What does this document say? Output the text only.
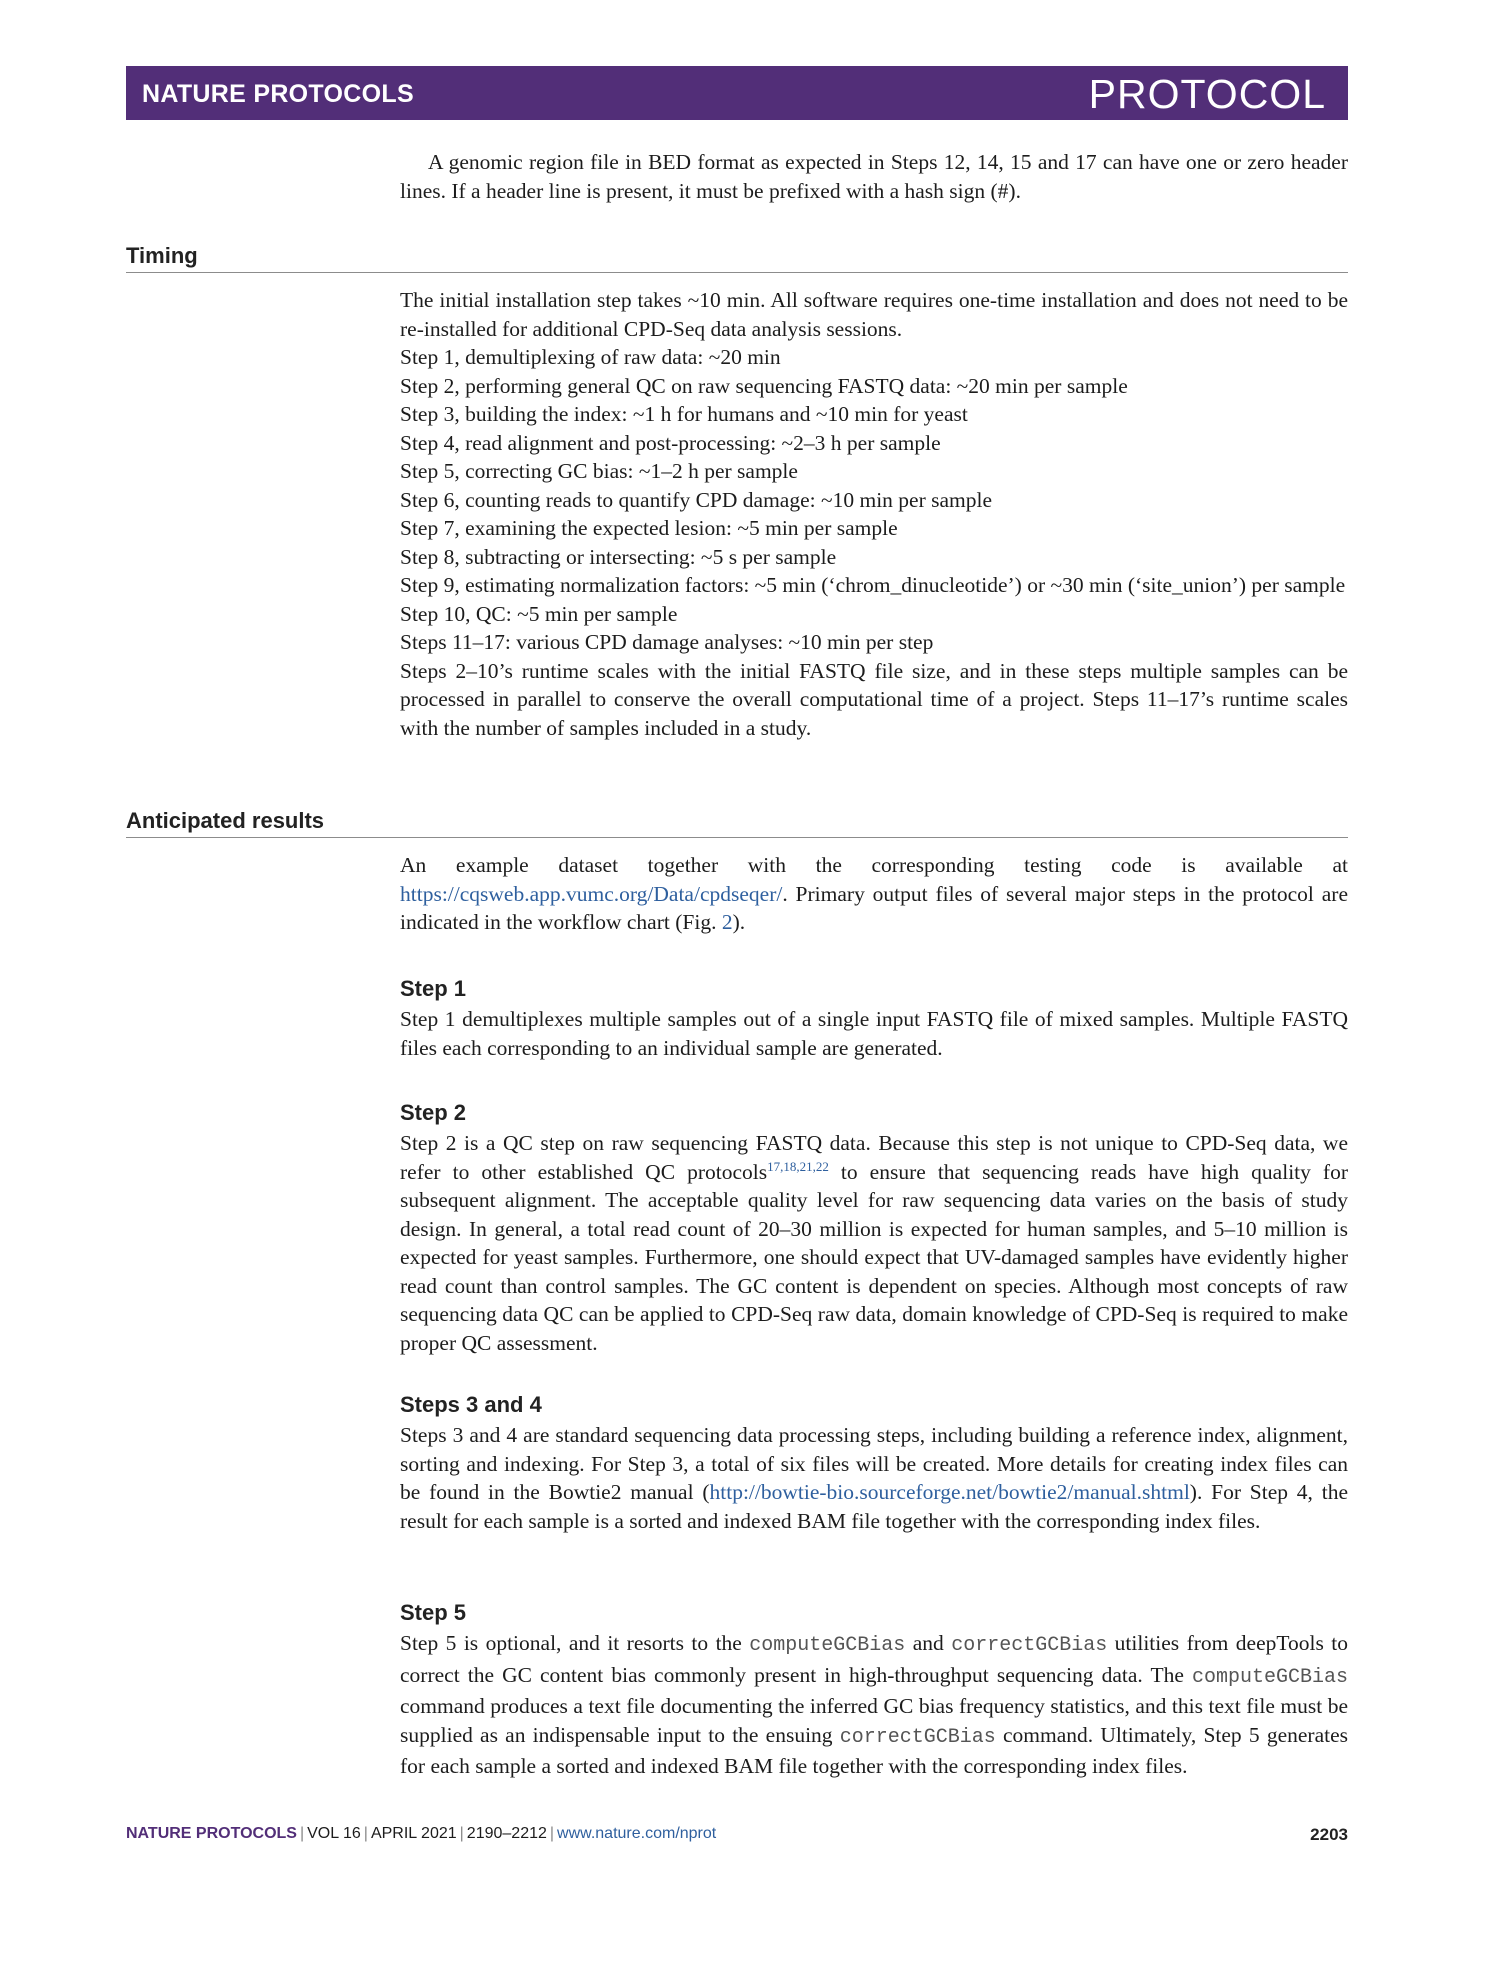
NATURE PROTOCOLS	PROTOCOL

A genomic region file in BED format as expected in Steps 12, 14, 15 and 17 can have one or zero header lines. If a header line is present, it must be prefixed with a hash sign (#).

Timing

The initial installation step takes ~10 min. All software requires one-time installation and does not need to be re-installed for additional CPD-Seq data analysis sessions.

Step 1, demultiplexing of raw data: ~20 min

Step 2, performing general QC on raw sequencing FASTQ data: ~20 min per sample

Step 3, building the index: ~1 h for humans and ~10 min for yeast

Step 4, read alignment and post-processing: ~2–3 h per sample

Step 5, correcting GC bias: ~1–2 h per sample

Step 6, counting reads to quantify CPD damage: ~10 min per sample

Step 7, examining the expected lesion: ~5 min per sample

Step 8, subtracting or intersecting: ~5 s per sample

Step 9, estimating normalization factors: ~5 min (‘chrom_dinucleotide’) or ~30 min (‘site_union’) per sample

Step 10, QC: ~5 min per sample

Steps 11–17: various CPD damage analyses: ~10 min per step

Steps 2–10’s runtime scales with the initial FASTQ file size, and in these steps multiple samples can be processed in parallel to conserve the overall computational time of a project. Steps 11–17’s runtime scales with the number of samples included in a study.

Anticipated results

An example dataset together with the corresponding testing code is available at https://cqsweb.app.vumc.org/Data/cpdseqer/. Primary output files of several major steps in the protocol are indicated in the workflow chart (Fig. 2).

Step 1

Step 1 demultiplexes multiple samples out of a single input FASTQ file of mixed samples. Multiple FASTQ files each corresponding to an individual sample are generated.

Step 2

Step 2 is a QC step on raw sequencing FASTQ data. Because this step is not unique to CPD-Seq data, we refer to other established QC protocols$^{17,18,21,22}$ to ensure that sequencing reads have high quality for subsequent alignment. The acceptable quality level for raw sequencing data varies on the basis of study design. In general, a total read count of 20–30 million is expected for human samples, and 5–10 million is expected for yeast samples. Furthermore, one should expect that UV-damaged samples have evidently higher read count than control samples. The GC content is dependent on species. Although most concepts of raw sequencing data QC can be applied to CPD-Seq raw data, domain knowledge of CPD-Seq is required to make proper QC assessment.

Steps 3 and 4

Steps 3 and 4 are standard sequencing data processing steps, including building a reference index, alignment, sorting and indexing. For Step 3, a total of six files will be created. More details for creating index files can be found in the Bowtie2 manual (http://bowtie-bio.sourceforge.net/bowtie2/manual.shtml). For Step 4, the result for each sample is a sorted and indexed BAM file together with the corresponding index files.

Step 5

Step 5 is optional, and it resorts to the computeGCBias and correctGCBias utilities from deepTools to correct the GC content bias commonly present in high-throughput sequencing data. The computeGCBias command produces a text file documenting the inferred GC bias frequency statistics, and this text file must be supplied as an indispensable input to the ensuing correctGCBias command. Ultimately, Step 5 generates for each sample a sorted and indexed BAM file together with the corresponding index files.

NATURE PROTOCOLS | VOL 16 | APRIL 2021 | 2190–2212 | www.nature.com/nprot	2203
